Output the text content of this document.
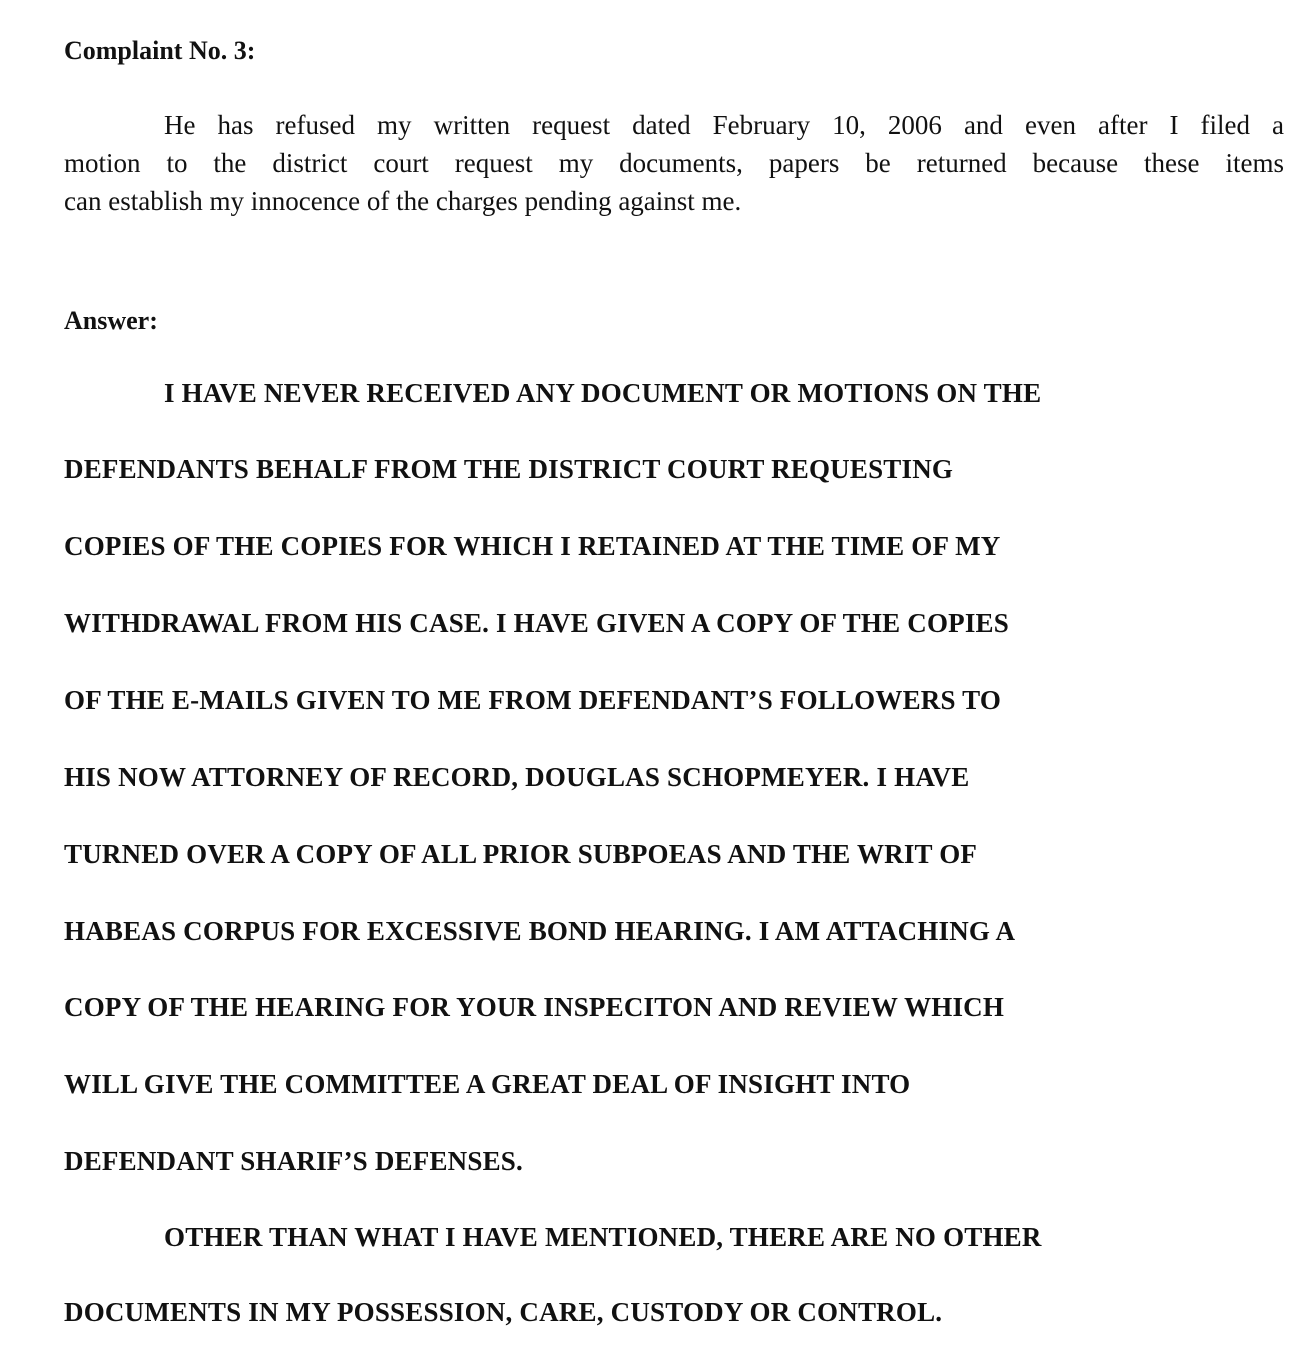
Complaint No. 3:
He has refused my written request dated February 10, 2006 and even after I filed a
motion to the district court request my documents, papers be returned because these items
can establish my innocence of the charges pending against me.
Answer:
I HAVE NEVER RECEIVED ANY DOCUMENT OR MOTIONS ON THE
DEFENDANTS BEHALF FROM THE DISTRICT COURT REQUESTING
COPIES OF THE COPIES FOR WHICH I RETAINED AT THE TIME OF MY
WITHDRAWAL FROM HIS CASE. I HAVE GIVEN A COPY OF THE COPIES
OF THE E-MAILS GIVEN TO ME FROM DEFENDANT’S FOLLOWERS TO
HIS NOW ATTORNEY OF RECORD, DOUGLAS SCHOPMEYER. I HAVE
TURNED OVER A COPY OF ALL PRIOR SUBPOEAS AND THE WRIT OF
HABEAS CORPUS FOR EXCESSIVE BOND HEARING. I AM ATTACHING A
COPY OF THE HEARING FOR YOUR INSPECITON AND REVIEW WHICH
WILL GIVE THE COMMITTEE A GREAT DEAL OF INSIGHT INTO
DEFENDANT SHARIF’S DEFENSES.
OTHER THAN WHAT I HAVE MENTIONED, THERE ARE NO OTHER
DOCUMENTS IN MY POSSESSION, CARE, CUSTODY OR CONTROL.
